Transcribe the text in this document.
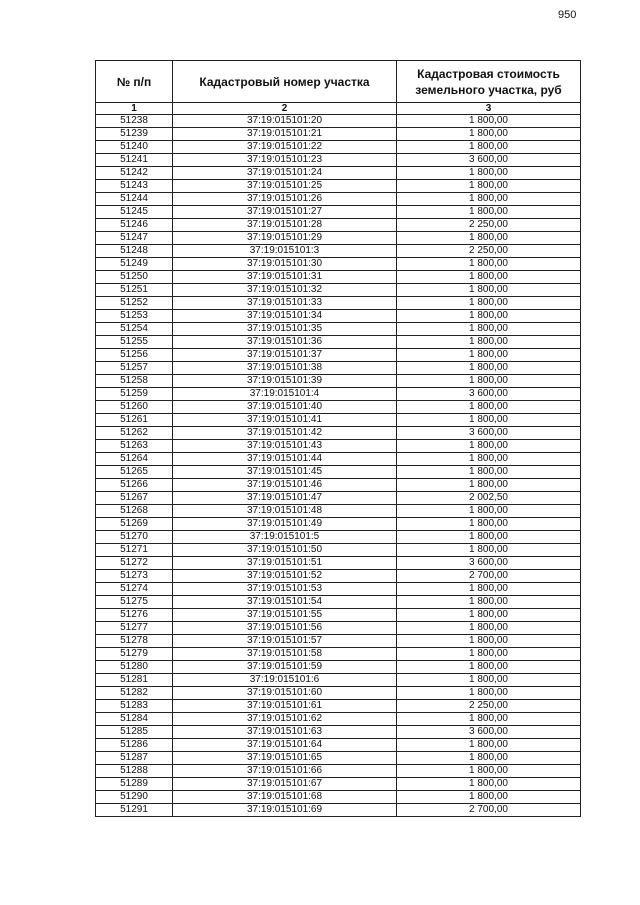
950
№ п/п	Кадастровый номер участка	Кадастровая стоимость земельного участка, руб
1	2	3
51238	37:19:015101:20	1 800,00
51239	37:19:015101:21	1 800,00
51240	37:19:015101:22	1 800,00
51241	37:19:015101:23	3 600,00
51242	37:19:015101:24	1 800,00
51243	37:19:015101:25	1 800,00
51244	37:19:015101:26	1 800,00
51245	37:19:015101:27	1 800,00
51246	37:19:015101:28	2 250,00
51247	37:19:015101:29	1 800,00
51248	37:19:015101:3	2 250,00
51249	37:19:015101:30	1 800,00
51250	37:19:015101:31	1 800,00
51251	37:19:015101:32	1 800,00
51252	37:19:015101:33	1 800,00
51253	37:19:015101:34	1 800,00
51254	37:19:015101:35	1 800,00
51255	37:19:015101:36	1 800,00
51256	37:19:015101:37	1 800,00
51257	37:19:015101:38	1 800,00
51258	37:19:015101:39	1 800,00
51259	37:19:015101:4	3 600,00
51260	37:19:015101:40	1 800,00
51261	37:19:015101:41	1 800,00
51262	37:19:015101:42	3 600,00
51263	37:19:015101:43	1 800,00
51264	37:19:015101:44	1 800,00
51265	37:19:015101:45	1 800,00
51266	37:19:015101:46	1 800,00
51267	37:19:015101:47	2 002,50
51268	37:19:015101:48	1 800,00
51269	37:19:015101:49	1 800,00
51270	37:19:015101:5	1 800,00
51271	37:19:015101:50	1 800,00
51272	37:19:015101:51	3 600,00
51273	37:19:015101:52	2 700,00
51274	37:19:015101:53	1 800,00
51275	37:19:015101:54	1 800,00
51276	37:19:015101:55	1 800,00
51277	37:19:015101:56	1 800,00
51278	37:19:015101:57	1 800,00
51279	37:19:015101:58	1 800,00
51280	37:19:015101:59	1 800,00
51281	37:19:015101:6	1 800,00
51282	37:19:015101:60	1 800,00
51283	37:19:015101:61	2 250,00
51284	37:19:015101:62	1 800,00
51285	37:19:015101:63	3 600,00
51286	37:19:015101:64	1 800,00
51287	37:19:015101:65	1 800,00
51288	37:19:015101:66	1 800,00
51289	37:19:015101:67	1 800,00
51290	37:19:015101:68	1 800,00
51291	37:19:015101:69	2 700,00
